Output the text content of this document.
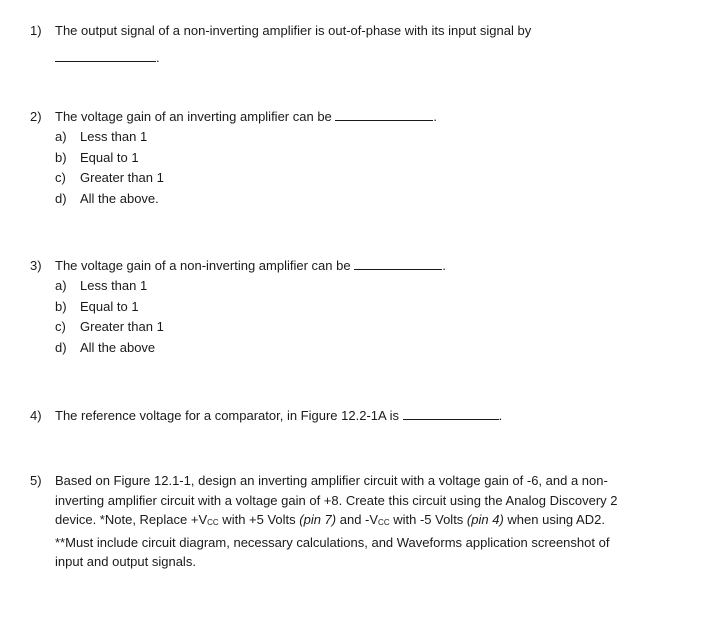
1)	The output signal of a non-inverting amplifier is out-of-phase with its input signal by
.
2)	The voltage gain of an inverting amplifier can be	.
a)	Less than 1
b)	Equal to 1
c)	Greater than 1
d)	All the above.
3)	The voltage gain of a non-inverting amplifier can be	.
a)	Less than 1
b)	Equal to 1
c)	Greater than 1
d)	All the above
4)	The reference voltage for a comparator, in Figure 12.2-1A is	.
5)	Based on Figure 12.1-1, design an inverting amplifier circuit with a voltage gain of -6, and a non-inverting amplifier circuit with a voltage gain of +8. Create this circuit using the Analog Discovery 2 device. *Note, Replace $+V_{CC}$ with +5 Volts (pin 7) and $-V_{CC}$ with -5 Volts (pin 4) when using AD2.
**Must include circuit diagram, necessary calculations, and Waveforms application screenshot of input and output signals.
